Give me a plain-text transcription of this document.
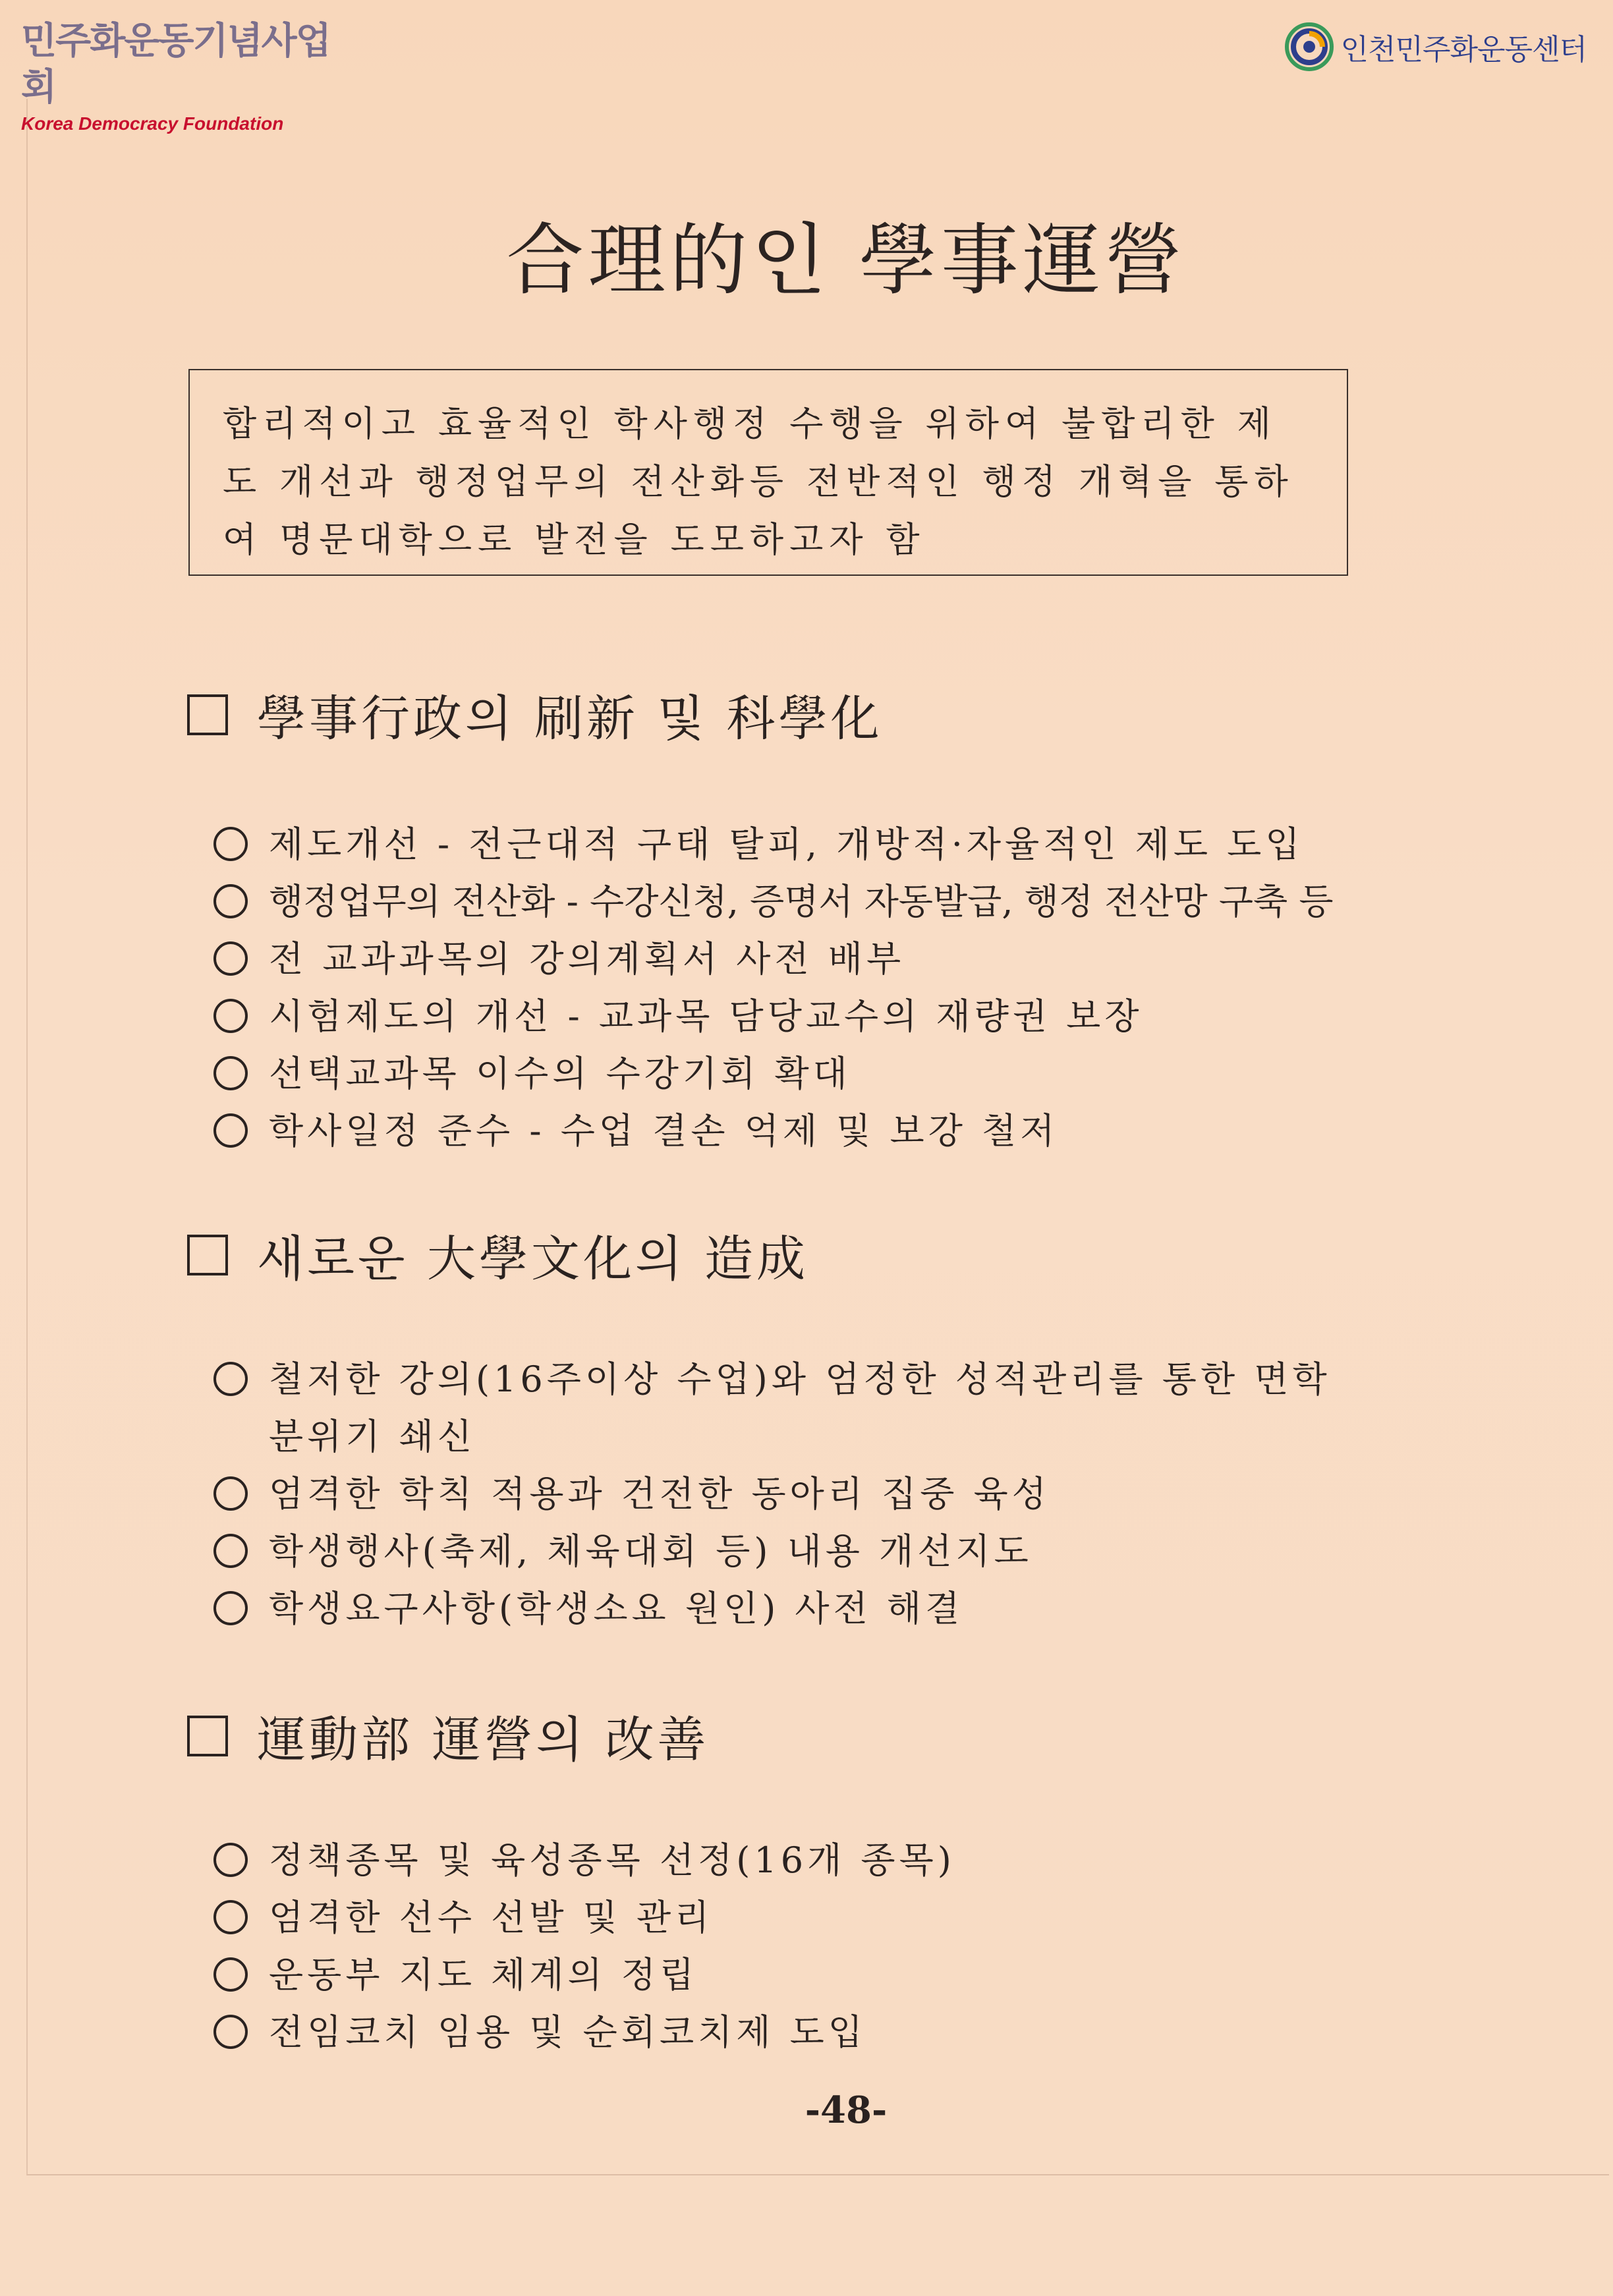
민주화운동기념사업회
Korea Democracy Foundation
인천민주화운동센터
合理的인 學事運營
합리적이고 효율적인 학사행정 수행을 위하여 불합리한 제도 개선과 행정업무의 전산화등 전반적인 행정 개혁을 통하여 명문대학으로 발전을 도모하고자 함
學事行政의 刷新 및 科學化
제도개선 - 전근대적 구태 탈피, 개방적·자율적인 제도 도입
행정업무의 전산화 - 수강신청, 증명서 자동발급, 행정 전산망 구축 등
전 교과과목의 강의계획서 사전 배부
시험제도의 개선 - 교과목 담당교수의 재량권 보장
선택교과목 이수의 수강기회 확대
학사일정 준수 - 수업 결손 억제 및 보강 철저
새로운 大學文化의 造成
철저한 강의(16주이상 수업)와 엄정한 성적관리를 통한 면학 분위기 쇄신
엄격한 학칙 적용과 건전한 동아리 집중 육성
학생행사(축제, 체육대회 등) 내용 개선지도
학생요구사항(학생소요 원인) 사전 해결
運動部 運營의 改善
정책종목 및 육성종목 선정(16개 종목)
엄격한 선수 선발 및 관리
운동부 지도 체계의 정립
전임코치 임용 및 순회코치제 도입
-48-
